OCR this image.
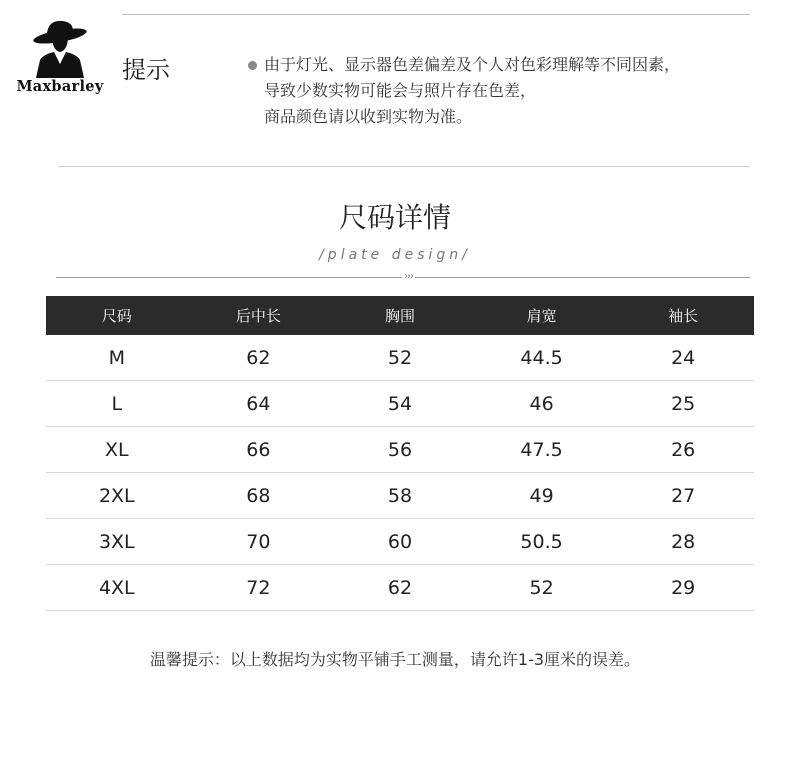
Maxbarley
提示	由于灯光、显示器色差偏差及个人对色彩理解等不同因素，
导致少数实物可能会与照片存在色差，
商品颜色请以收到实物为准。
尺码详情
/plate design/
›››
尺码	后中长	胸围	肩宽	袖长
M	62	52	44.5	24
L	64	54	46	25
XL	66	56	47.5	26
2XL	68	58	49	27
3XL	70	60	50.5	28
4XL	72	62	52	29
温馨提示：以上数据均为实物平铺手工测量，请允许1-3厘米的误差。
